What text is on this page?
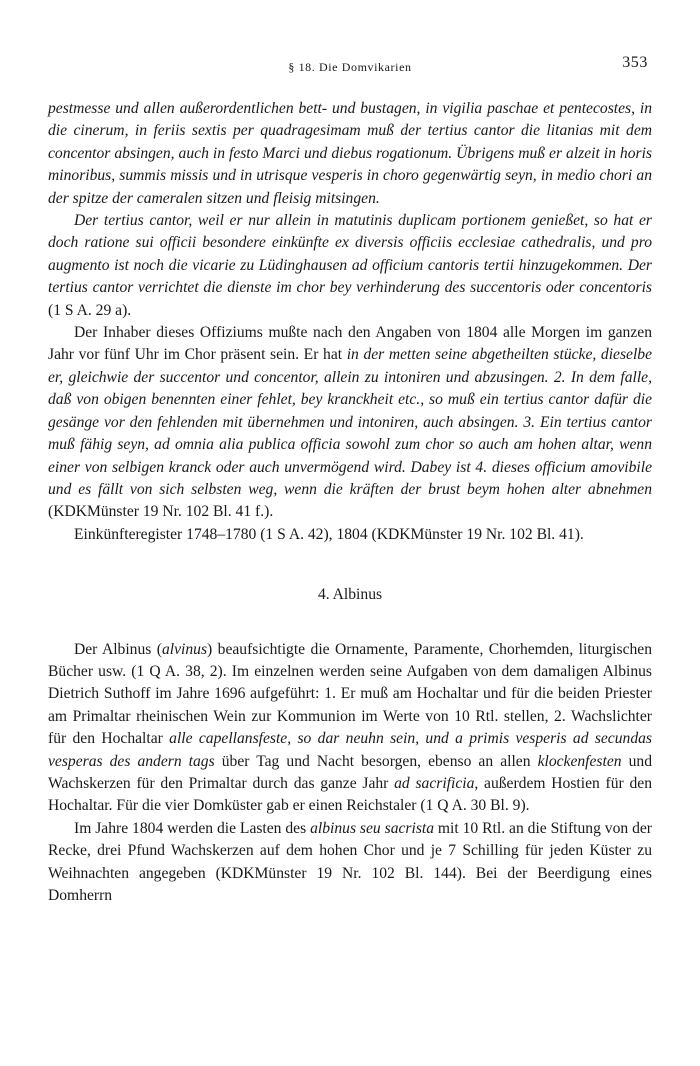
§ 18. Die Domvikarien	353

pestmesse und allen außerordentlichen bett- und bustagen, in vigilia paschae et pentecostes, in die cinerum, in feriis sextis per quadragesimam muß der tertius cantor die litanias mit dem concentor absingen, auch in festo Marci und diebus rogationum. Übrigens muß er alzeit in horis minoribus, summis missis und in utrisque vesperis in choro gegenwärtig seyn, in medio chori an der spitze der cameralen sitzen und fleisig mitsingen.

Der tertius cantor, weil er nur allein in matutinis duplicam portionem genießet, so hat er doch ratione sui officii besondere einkünfte ex diversis officiis ecclesiae cathedralis, und pro augmento ist noch die vicarie zu Lüdinghausen ad officium cantoris tertii hinzugekommen. Der tertius cantor verrichtet die dienste im chor bey verhinderung des succentoris oder concentoris (1 S A. 29 a).

Der Inhaber dieses Offiziums mußte nach den Angaben von 1804 alle Morgen im ganzen Jahr vor fünf Uhr im Chor präsent sein. Er hat in der metten seine abgetheilten stücke, dieselbe er, gleichwie der succentor und concentor, allein zu intoniren und abzusingen. 2. In dem falle, daß von obigen benennten einer fehlet, bey kranckheit etc., so muß ein tertius cantor dafür die gesänge vor den fehlenden mit übernehmen und intoniren, auch absingen. 3. Ein tertius cantor muß fähig seyn, ad omnia alia publica officia sowohl zum chor so auch am hohen altar, wenn einer von selbigen kranck oder auch unvermögend wird. Dabey ist 4. dieses officium amovibile und es fällt von sich selbsten weg, wenn die kräften der brust beym hohen alter abnehmen (KDKMünster 19 Nr. 102 Bl. 41 f.).

Einkünfteregister 1748–1780 (1 S A. 42), 1804 (KDKMünster 19 Nr. 102 Bl. 41).

4. Albinus

Der Albinus (alvinus) beaufsichtigte die Ornamente, Paramente, Chorhemden, liturgischen Bücher usw. (1 Q A. 38, 2). Im einzelnen werden seine Aufgaben von dem damaligen Albinus Dietrich Suthoff im Jahre 1696 aufgeführt: 1. Er muß am Hochaltar und für die beiden Priester am Primaltar rheinischen Wein zur Kommunion im Werte von 10 Rtl. stellen, 2. Wachslichter für den Hochaltar alle capellansfeste, so dar neuhn sein, und a primis vesperis ad secundas vesperas des andern tags über Tag und Nacht besorgen, ebenso an allen klockenfesten und Wachskerzen für den Primaltar durch das ganze Jahr ad sacrificia, außerdem Hostien für den Hochaltar. Für die vier Domküster gab er einen Reichstaler (1 Q A. 30 Bl. 9).

Im Jahre 1804 werden die Lasten des albinus seu sacrista mit 10 Rtl. an die Stiftung von der Recke, drei Pfund Wachskerzen auf dem hohen Chor und je 7 Schilling für jeden Küster zu Weihnachten angegeben (KDKMünster 19 Nr. 102 Bl. 144). Bei der Beerdigung eines Domherrn
